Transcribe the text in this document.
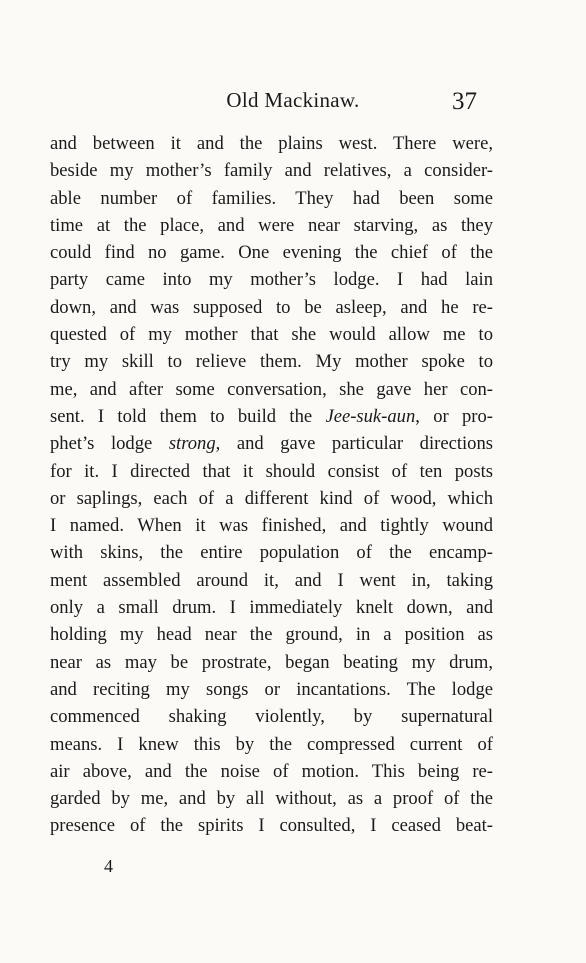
Old Mackinaw.	37
and between it and the plains west. There were,
beside my mother’s family and relatives, a consider-
able number of families. They had been some
time at the place, and were near starving, as they
could find no game. One evening the chief of the
party came into my mother’s lodge. I had lain
down, and was supposed to be asleep, and he re-
quested of my mother that she would allow me to
try my skill to relieve them. My mother spoke to
me, and after some conversation, she gave her con-
sent. I told them to build the Jee-suk-aun, or pro-
phet’s lodge strong, and gave particular directions
for it. I directed that it should consist of ten posts
or saplings, each of a different kind of wood, which
I named. When it was finished, and tightly wound
with skins, the entire population of the encamp-
ment assembled around it, and I went in, taking
only a small drum. I immediately knelt down, and
holding my head near the ground, in a position as
near as may be prostrate, began beating my drum,
and reciting my songs or incantations. The lodge
commenced shaking violently, by supernatural
means. I knew this by the compressed current of
air above, and the noise of motion. This being re-
garded by me, and by all without, as a proof of the
presence of the spirits I consulted, I ceased beat-
4
